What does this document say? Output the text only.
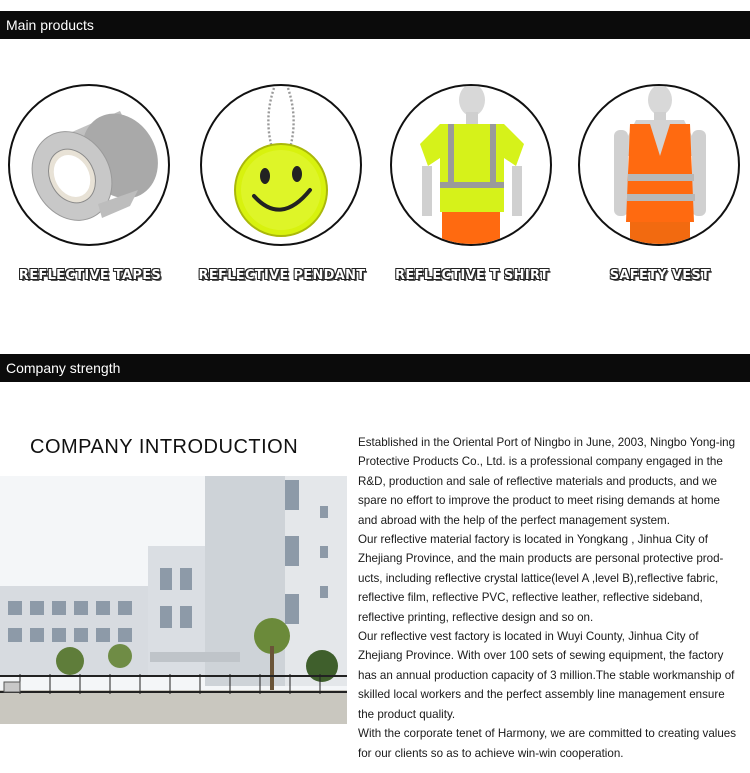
Main products
REFLECTIVE TAPES	REFLECTIVE PENDANT	REFLECTIVE T SHIRT	SAFETY VEST
Company strength
COMPANY INTRODUCTION	Established in the Oriental Port of Ningbo in June, 2003, Ningbo Yong-ing Protective Products Co., Ltd. is a professional company engaged in the R&D, production and sale of reflective materials and products, and we spare no effort to improve the product to meet rising demands at home and abroad with the help of the perfect management system.

Our reflective material factory is located in Yongkang , Jinhua City of Zhejiang Province, and the main products are personal protective prod-ucts, including reflective crystal lattice(level A ,level B),reflective fabric, reflective film, reflective PVC, reflective leather, reflective sideband, reflective printing, reflective design and so on.

Our reflective vest factory is located in Wuyi County, Jinhua City of Zhejiang Province. With over 100 sets of sewing equipment, the factory has an annual production capacity of 3 million.The stable workmanship of skilled local workers and the perfect assembly line management ensure the product quality.

With the corporate tenet of Harmony, we are committed to creating values for our clients so as to achieve win-win cooperation.
